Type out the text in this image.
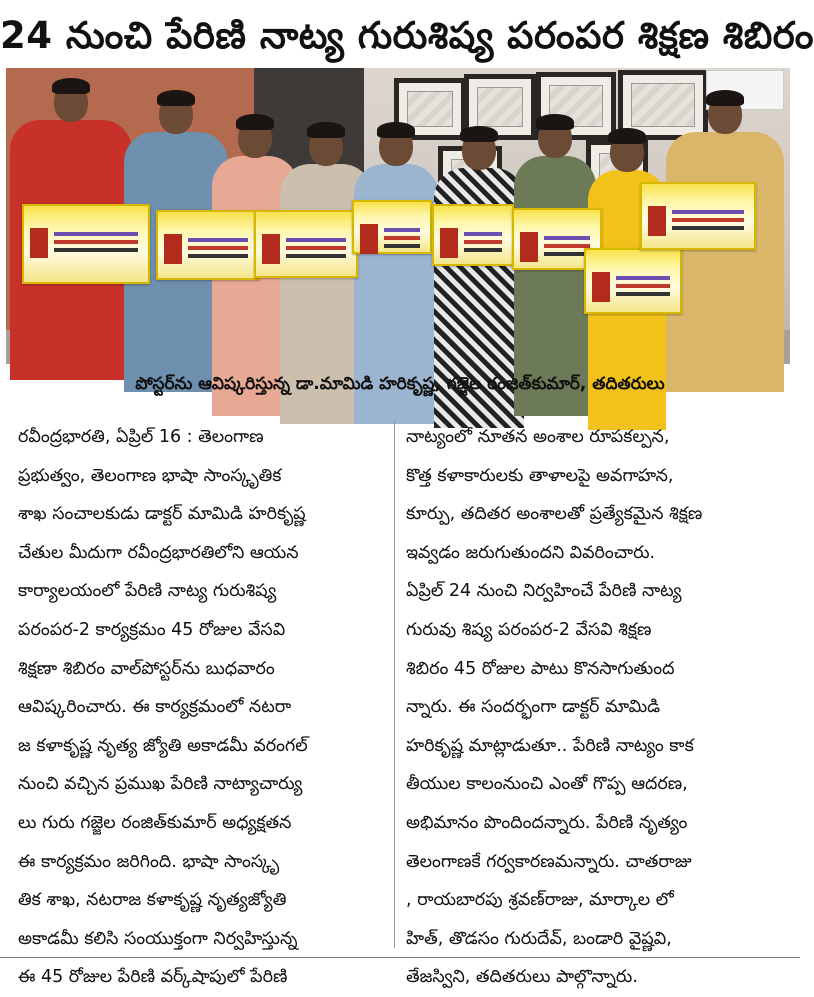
24 నుంచి పేరిణి నాట్య గురుశిష్య పరంపర శిక్షణ శిబిరం
పోస్టర్‌ను ఆవిష్కరిస్తున్న డా.మామిడి హరికృష్ణ, గజ్జెల రంజిత్‌కుమార్, తదితరులు
రవీంద్రభారతి, ఏప్రిల్ 16 : తెలంగాణ
ప్రభుత్వం, తెలంగాణ భాషా సాంస్కృతిక
శాఖ సంచాలకుడు డాక్టర్ మామిడి హరికృష్ణ
చేతుల మీదుగా రవీంద్రభారతిలోని ఆయన
కార్యాలయంలో పేరిణి నాట్య గురుశిష్య
పరంపర-2 కార్యక్రమం 45 రోజుల వేసవి
శిక్షణా శిబిరం వాల్‌పోస్టర్‌ను బుధవారం
ఆవిష్కరించారు. ఈ కార్యక్రమంలో నటరా
జ కళాకృష్ణ నృత్య జ్యోతి అకాడమీ వరంగల్
నుంచి వచ్చిన ప్రముఖ పేరిణి నాట్యాచార్యు
లు గురు గజ్జెల రంజిత్‌కుమార్ అధ్యక్షతన
ఈ కార్యక్రమం జరిగింది. భాషా సాంస్కృ
తిక శాఖ, నటరాజ కళాకృష్ణ నృత్యజ్యోతి
అకాడమీ కలిసి సంయుక్తంగా నిర్వహిస్తున్న
ఈ 45 రోజుల పేరిణి వర్క్‌షాపులో పేరిణి
నాట్యంలో నూతన అంశాల రూపకల్పన,
కొత్త కళాకారులకు తాళాలపై అవగాహన,
కూర్పు, తదితర అంశాలతో ప్రత్యేకమైన శిక్షణ
ఇవ్వడం జరుగుతుందని వివరించారు.
ఏప్రిల్ 24 నుంచి నిర్వహించే పేరిణి నాట్య
గురువు శిష్య పరంపర-2 వేసవి శిక్షణ
శిబిరం 45 రోజుల పాటు కొనసాగుతుంద
న్నారు. ఈ సందర్భంగా డాక్టర్ మామిడి
హరికృష్ణ మాట్లాడుతూ.. పేరిణి నాట్యం కాక
తీయుల కాలంనుంచి ఎంతో గొప్ప ఆదరణ,
అభిమానం పొందిందన్నారు. పేరిణి నృత్యం
తెలంగాణకే గర్వకారణమన్నారు. చాతరాజు
, రాయబారపు శ్రవణ్‌రాజు, మార్కాల లో
హిత్, తొడసం గురుదేవ్, బండారి వైష్ణవి,
తేజస్విని, తదితరులు పాల్గొన్నారు.
